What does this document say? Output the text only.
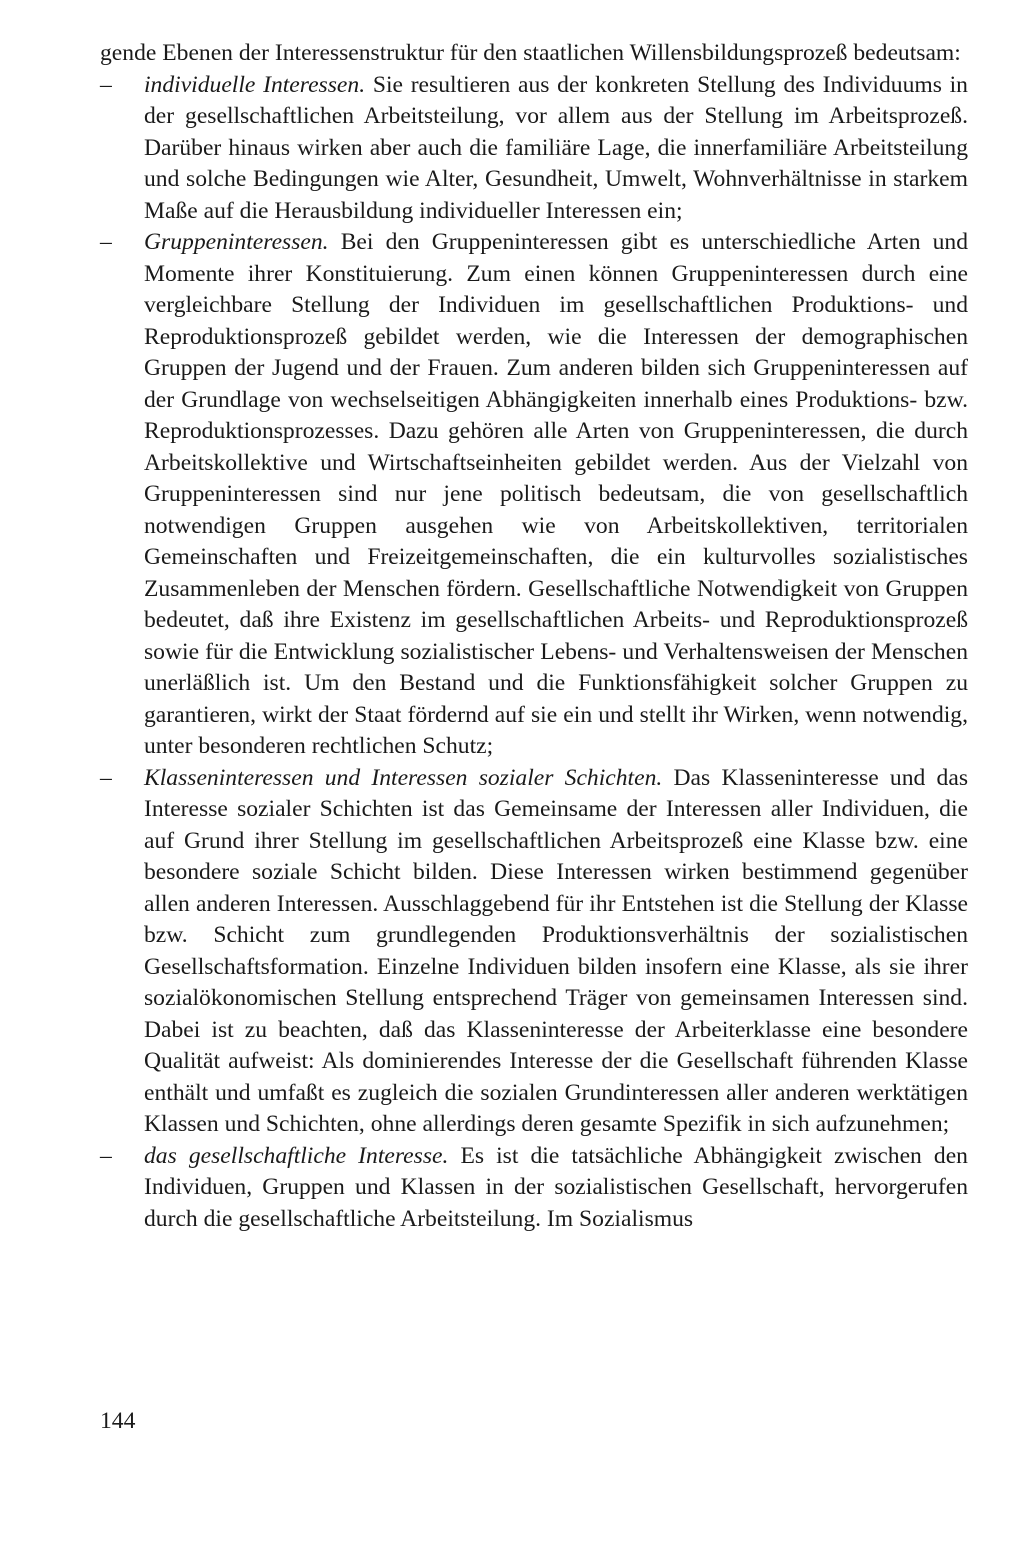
gende Ebenen der Interessenstruktur für den staatlichen Willensbildungsprozeß bedeutsam:

–	individuelle Interessen. Sie resultieren aus der konkreten Stellung des Individuums in der gesellschaftlichen Arbeitsteilung, vor allem aus der Stellung im Arbeitsprozeß. Darüber hinaus wirken aber auch die familiäre Lage, die innerfamiliäre Arbeitsteilung und solche Bedingungen wie Alter, Gesundheit, Umwelt, Wohnverhältnisse in starkem Maße auf die Herausbildung individueller Interessen ein;

–	Gruppeninteressen. Bei den Gruppeninteressen gibt es unterschiedliche Arten und Momente ihrer Konstituierung. Zum einen können Gruppeninteressen durch eine vergleichbare Stellung der Individuen im gesellschaftlichen Produktions- und Reproduktionsprozeß gebildet werden, wie die Interessen der demographischen Gruppen der Jugend und der Frauen. Zum anderen bilden sich Gruppeninteressen auf der Grundlage von wechselseitigen Abhängigkeiten innerhalb eines Produktions- bzw. Reproduktionsprozesses. Dazu gehören alle Arten von Gruppeninteressen, die durch Arbeitskollektive und Wirtschaftseinheiten gebildet werden. Aus der Vielzahl von Gruppeninteressen sind nur jene politisch bedeutsam, die von gesellschaftlich notwendigen Gruppen ausgehen wie von Arbeitskollektiven, territorialen Gemeinschaften und Freizeitgemeinschaften, die ein kulturvolles sozialistisches Zusammenleben der Menschen fördern. Gesellschaftliche Notwendigkeit von Gruppen bedeutet, daß ihre Existenz im gesellschaftlichen Arbeits- und Reproduktionsprozeß sowie für die Entwicklung sozialistischer Lebens- und Verhaltensweisen der Menschen unerläßlich ist. Um den Bestand und die Funktionsfähigkeit solcher Gruppen zu garantieren, wirkt der Staat fördernd auf sie ein und stellt ihr Wirken, wenn notwendig, unter besonderen rechtlichen Schutz;

–	Klasseninteressen und Interessen sozialer Schichten. Das Klasseninteresse und das Interesse sozialer Schichten ist das Gemeinsame der Interessen aller Individuen, die auf Grund ihrer Stellung im gesellschaftlichen Arbeitsprozeß eine Klasse bzw. eine besondere soziale Schicht bilden. Diese Interessen wirken bestimmend gegenüber allen anderen Interessen. Ausschlaggebend für ihr Entstehen ist die Stellung der Klasse bzw. Schicht zum grundlegenden Produktionsverhältnis der sozialistischen Gesellschaftsformation. Einzelne Individuen bilden insofern eine Klasse, als sie ihrer sozialökonomischen Stellung entsprechend Träger von gemeinsamen Interessen sind. Dabei ist zu beachten, daß das Klasseninteresse der Arbeiterklasse eine besondere Qualität aufweist: Als dominierendes Interesse der die Gesellschaft führenden Klasse enthält und umfaßt es zugleich die sozialen Grundinteressen aller anderen werktätigen Klassen und Schichten, ohne allerdings deren gesamte Spezifik in sich aufzunehmen;

–	das gesellschaftliche Interesse. Es ist die tatsächliche Abhängigkeit zwischen den Individuen, Gruppen und Klassen in der sozialistischen Gesellschaft, hervorgerufen durch die gesellschaftliche Arbeitsteilung. Im Sozialismus

144
